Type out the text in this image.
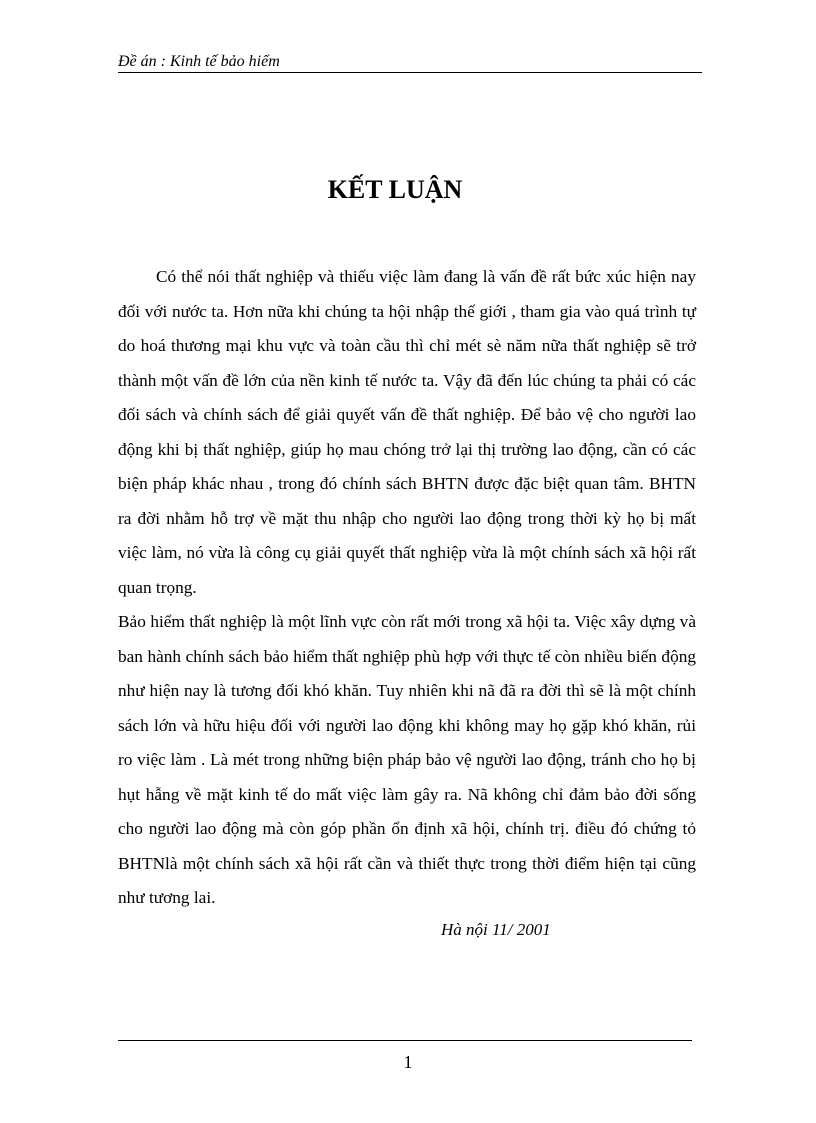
Đề án : Kinh tế bảo hiểm
KẾT LUẬN

Có thể nói thất nghiệp và thiếu việc làm đang là vấn đề rất bức xúc hiện nay đối với nước ta. Hơn nữa khi chúng ta hội nhập thế giới , tham gia vào quá trình tự do hoá thương mại khu vực và toàn cầu thì chỉ mét sè năm nữa thất nghiệp sẽ trở thành một vấn đề lớn của nền kinh tế nước ta. Vậy đã đến lúc chúng ta phải có các đối sách và chính sách để giải quyết vấn đề thất nghiệp. Để bảo vệ cho người lao động khi bị thất nghiệp, giúp họ mau chóng trở lại thị trường lao động, cần có các biện pháp khác nhau , trong đó chính sách BHTN được đặc biệt quan tâm. BHTN ra đời nhằm hỗ trợ về mặt thu nhập cho người lao động trong thời kỳ họ bị mất việc làm, nó vừa là công cụ giải quyết thất nghiệp vừa là một chính sách xã hội rất quan trọng.

Bảo hiểm thất nghiệp là một lĩnh vực còn rất mới trong xã hội ta. Việc xây dựng và ban hành chính sách bảo hiểm thất nghiệp phù hợp với thực tế còn nhiều biến động như hiện nay là tương đối khó khăn. Tuy nhiên khi nã đã ra đời thì sẽ là một chính sách lớn và hữu hiệu đối với người lao động khi không may họ gặp khó khăn, rủi ro việc làm . Là mét trong những biện pháp bảo vệ người lao động, tránh cho họ bị hụt hẫng về mặt kinh tế do mất việc làm gây ra. Nã không chỉ đảm bảo đời sống cho người lao động mà còn góp phần ổn định xã hội, chính trị. điều đó chứng tỏ BHTNlà một chính sách xã hội rất cần và thiết thực trong thời điểm hiện tại cũng như tương lai.

Hà nội 11/ 2001
1
